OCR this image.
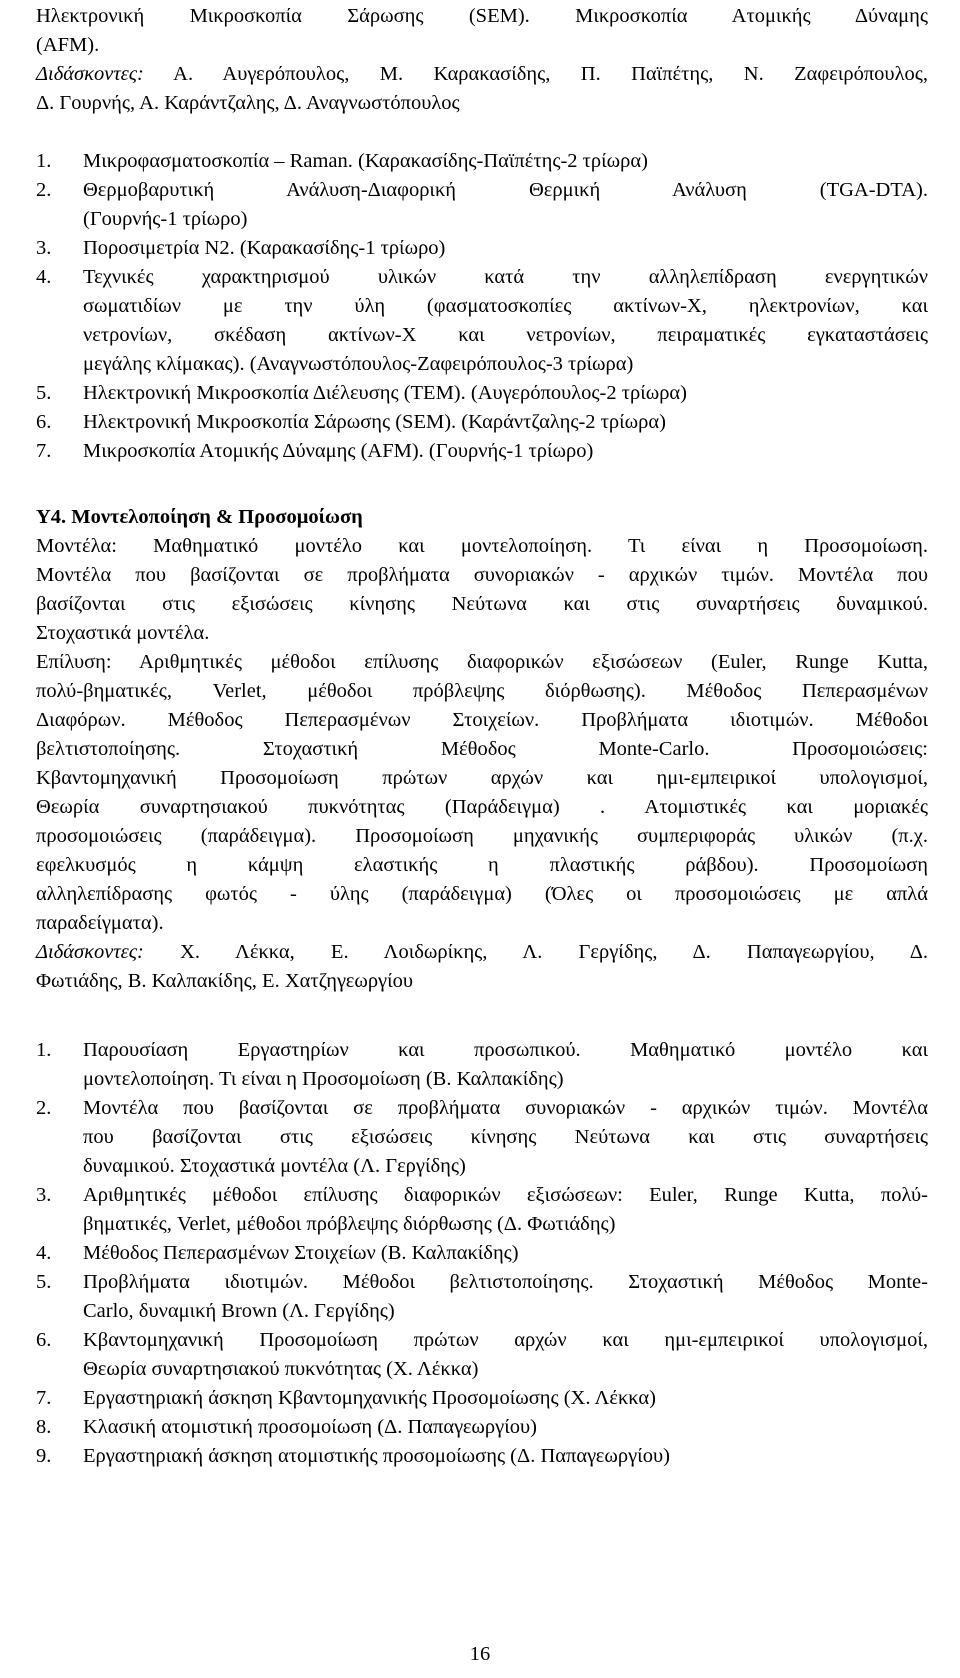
Ηλεκτρονική Μικροσκοπία Σάρωσης (SEM). Μικροσκοπία Ατομικής Δύναμης
(AFM).
Διδάσκοντες: Α. Αυγερόπουλος, Μ. Καρακασίδης, Π. Παϊπέτης, Ν. Ζαφειρόπουλος,
Δ. Γουρνής, Α. Καράντζαλης, Δ. Αναγνωστόπουλος
1.	Μικροφασματοσκοπία – Raman. (Καρακασίδης-Παϊπέτης-2 τρίωρα)
2.	Θερμοβαρυτική Ανάλυση-Διαφορική Θερμική Ανάλυση (TGA-DTA).
(Γουρνής-1 τρίωρο)
3.	Ποροσιμετρία N2. (Καρακασίδης-1 τρίωρο)
4.	Τεχνικές χαρακτηρισμού υλικών κατά την αλληλεπίδραση ενεργητικών
σωματιδίων με την ύλη (φασματοσκοπίες ακτίνων-Χ, ηλεκτρονίων, και
νετρονίων, σκέδαση ακτίνων-Χ και νετρονίων, πειραματικές εγκαταστάσεις
μεγάλης κλίμακας). (Αναγνωστόπουλος-Ζαφειρόπουλος-3 τρίωρα)
5.	Ηλεκτρονική Μικροσκοπία Διέλευσης (TEM). (Αυγερόπουλος-2 τρίωρα)
6.	Ηλεκτρονική Μικροσκοπία Σάρωσης (SEM). (Καράντζαλης-2 τρίωρα)
7.	Μικροσκοπία Ατομικής Δύναμης (AFM). (Γουρνής-1 τρίωρο)
Υ4. Μοντελοποίηση & Προσομοίωση
Μοντέλα: Μαθηματικό μοντέλο και μοντελοποίηση. Τι είναι η Προσομοίωση.
Μοντέλα που βασίζονται σε προβλήματα συνοριακών - αρχικών τιμών. Μοντέλα που
βασίζονται στις εξισώσεις κίνησης Νεύτωνα και στις συναρτήσεις δυναμικού.
Στοχαστικά μοντέλα.
Επίλυση: Αριθμητικές μέθοδοι επίλυσης διαφορικών εξισώσεων (Euler, Runge Kutta,
πολύ-βηματικές, Verlet, μέθοδοι πρόβλεψης διόρθωσης). Μέθοδος Πεπερασμένων
Διαφόρων. Μέθοδος Πεπερασμένων Στοιχείων. Προβλήματα ιδιοτιμών. Μέθοδοι
βελτιστοποίησης. Στοχαστική Μέθοδος Monte-Carlo. Προσομοιώσεις:
Κβαντομηχανική Προσομοίωση πρώτων αρχών και ημι-εμπειρικοί υπολογισμοί,
Θεωρία συναρτησιακού πυκνότητας (Παράδειγμα) . Ατομιστικές και μοριακές
προσομοιώσεις (παράδειγμα). Προσομοίωση μηχανικής συμπεριφοράς υλικών (π.χ.
εφελκυσμός η κάμψη ελαστικής η πλαστικής ράβδου). Προσομοίωση
αλληλεπίδρασης φωτός - ύλης (παράδειγμα) (Όλες οι προσομοιώσεις με απλά
παραδείγματα).
Διδάσκοντες: Χ. Λέκκα, Ε. Λοιδωρίκης, Λ. Γεργίδης, Δ. Παπαγεωργίου, Δ.
Φωτιάδης, Β. Καλπακίδης, Ε. Χατζηγεωργίου
1.	Παρουσίαση Εργαστηρίων και προσωπικού. Μαθηματικό μοντέλο και
μοντελοποίηση. Τι είναι η Προσομοίωση (Β. Καλπακίδης)
2.	Μοντέλα που βασίζονται σε προβλήματα συνοριακών - αρχικών τιμών. Μοντέλα
που βασίζονται στις εξισώσεις κίνησης Νεύτωνα και στις συναρτήσεις
δυναμικού. Στοχαστικά μοντέλα (Λ. Γεργίδης)
3.	Αριθμητικές μέθοδοι επίλυσης διαφορικών εξισώσεων: Euler, Runge Kutta, πολύ-
βηματικές, Verlet, μέθοδοι πρόβλεψης διόρθωσης (Δ. Φωτιάδης)
4.	Μέθοδος Πεπερασμένων Στοιχείων (Β. Καλπακίδης)
5.	Προβλήματα ιδιοτιμών. Μέθοδοι βελτιστοποίησης. Στοχαστική Μέθοδος Monte-
Carlo, δυναμική Brown (Λ. Γεργίδης)
6.	Κβαντομηχανική Προσομοίωση πρώτων αρχών και ημι-εμπειρικοί υπολογισμοί,
Θεωρία συναρτησιακού πυκνότητας (Χ. Λέκκα)
7.	Εργαστηριακή άσκηση Κβαντομηχανικής Προσομοίωσης (Χ. Λέκκα)
8.	Κλασική ατομιστική προσομοίωση (Δ. Παπαγεωργίου)
9.	Εργαστηριακή άσκηση ατομιστικής προσομοίωσης (Δ. Παπαγεωργίου)
16
